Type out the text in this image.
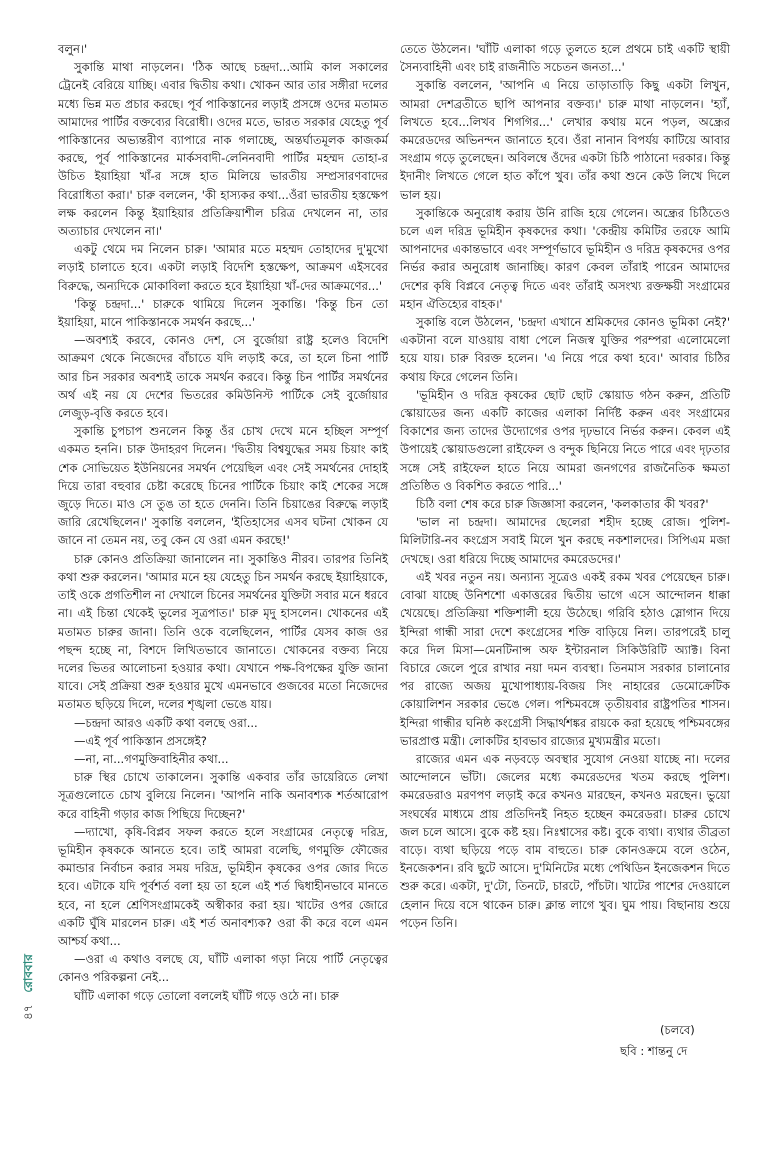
বলুন।'

সুকান্তি মাথা নাড়লেন। 'ঠিক আছে চন্দ্রদা...আমি কাল সকালের ট্রেনেই বেরিয়ে যাচ্ছি। এবার দ্বিতীয় কথা। খোকন আর তার সঙ্গীরা দলের মধ্যে ভিন্ন মত প্রচার করছে। পূর্ব পাকিস্তানের লড়াই প্রসঙ্গে ওদের মতামত আমাদের পার্টির বক্তব্যের বিরোধী। ওদের মতে, ভারত সরকার যেহেতু পূর্ব পাকিস্তানের অভ্যন্তরীণ ব্যাপারে নাক গলাচ্ছে, অন্তর্ঘাতমূলক কাজকর্ম করছে, পূর্ব পাকিস্তানের মার্কসবাদী-লেনিনবাদী পার্টির মহম্মদ তোহা-র উচিত ইয়াহিয়া খাঁ-র সঙ্গে হাত মিলিয়ে ভারতীয় সম্প্রসারণবাদের বিরোধিতা করা।' চারু বললেন, 'কী হাস্যকর কথা...ওঁরা ভারতীয় হস্তক্ষেপ লক্ষ করলেন কিন্তু ইয়াহিয়ার প্রতিক্রিয়াশীল চরিত্র দেখলেন না, তার অত্যাচার দেখলেন না।'

একটু থেমে দম নিলেন চারু। 'আমার মতে মহম্মদ তোহাদের দু'মুখো লড়াই চালাতে হবে। একটা লড়াই বিদেশি হস্তক্ষেপ, আক্রমণ এইসবের বিরুদ্ধে, অন্যদিকে মোকাবিলা করতে হবে ইয়াহিয়া খাঁ-দের আক্রমণের...'

'কিন্তু চন্দ্রদা...' চারুকে থামিয়ে দিলেন সুকান্তি। 'কিন্তু চিন তো ইয়াহিয়া, মানে পাকিস্তানকে সমর্থন করছে...'

—অবশ্যই করবে, কোনও দেশ, সে বুর্জোয়া রাষ্ট্র হলেও বিদেশি আক্রমণ থেকে নিজেদের বাঁচাতে যদি লড়াই করে, তা হলে চিনা পার্টি আর চিন সরকার অবশ্যই তাকে সমর্থন করবে। কিন্তু চিন পার্টির সমর্থনের অর্থ এই নয় যে দেশের ভিতরের কমিউনিস্ট পার্টিকে সেই বুর্জোয়ার লেজুড়-বৃত্তি করতে হবে।

সুকান্তি চুপচাপ শুনলেন কিন্তু ওঁর চোখ দেখে মনে হচ্ছিল সম্পূর্ণ একমত হননি। চারু উদাহরণ দিলেন। 'দ্বিতীয় বিশ্বযুদ্ধের সময় চিয়াং কাই শেক সোভিয়েত ইউনিয়নের সমর্থন পেয়েছিল এবং সেই সমর্থনের দোহাই দিয়ে তারা বহুবার চেষ্টা করেছে চিনের পার্টিকে চিয়াং কাই শেকের সঙ্গে জুড়ে দিতে। মাও সে তুঙ তা হতে দেননি। তিনি চিয়াঙের বিরুদ্ধে লড়াই জারি রেখেছিলেন।' সুকান্তি বললেন, 'ইতিহাসের এসব ঘটনা খোকন যে জানে না তেমন নয়, তবু কেন যে ওরা এমন করছে!'

চারু কোনও প্রতিক্রিয়া জানালেন না। সুকান্তিও নীরব। তারপর তিনিই কথা শুরু করলেন। 'আমার মনে হয় যেহেতু চিন সমর্থন করছে ইয়াহিয়াকে, তাই ওকে প্রগতিশীল না দেখালে চিনের সমর্থনের যুক্তিটা সবার মনে ধরবে না। এই চিন্তা থেকেই ভুলের সূত্রপাত।' চারু মৃদু হাসলেন। খোকনের এই মতামত চারুর জানা। তিনি ওকে বলেছিলেন, পার্টির যেসব কাজ ওর পছন্দ হচ্ছে না, বিশদে লিখিতভাবে জানাতে। খোকনের বক্তব্য নিয়ে দলের ভিতর আলোচনা হওয়ার কথা। যেখানে পক্ষ-বিপক্ষের যুক্তি জানা যাবে। সেই প্রক্রিয়া শুরু হওয়ার মুখে এমনভাবে গুজবের মতো নিজেদের মতামত ছড়িয়ে দিলে, দলের শৃঙ্খলা ভেঙে যায়।

—চন্দ্রদা আরও একটি কথা বলছে ওরা...

—এই পূর্ব পাকিস্তান প্রসঙ্গেই?

—না, না...গণমুক্তিবাহিনীর কথা...

চারু স্থির চোখে তাকালেন। সুকান্তি একবার তাঁর ডায়েরিতে লেখা সূত্রগুলোতে চোখ বুলিয়ে নিলেন। 'আপনি নাকি অনাবশ্যক শর্তআরোপ করে বাহিনী গড়ার কাজ পিছিয়ে দিচ্ছেন?'

—দ্যাখো, কৃষি-বিপ্লব সফল করতে হলে সংগ্রামের নেতৃত্বে দরিদ্র, ভূমিহীন কৃষককে আনতে হবে। তাই আমরা বলেছি, গণমুক্তি ফৌজের কমান্ডার নির্বাচন করার সময় দরিদ্র, ভূমিহীন কৃষকের ওপর জোর দিতে হবে। এটাকে যদি পূর্বশর্ত বলা হয় তা হলে এই শর্ত দ্বিধাহীনভাবে মানতে হবে, না হলে শ্রেণিসংগ্রামকেই অস্বীকার করা হয়। খাটের ওপর জোরে একটি ঘুঁষি মারলেন চারু। এই শর্ত অনাবশ্যক? ওরা কী করে বলে এমন আশ্চর্য কথা...

—ওরা এ কথাও বলছে যে, ঘাঁটি এলাকা গড়া নিয়ে পার্টি নেতৃত্বের কোনও পরিকল্পনা নেই...

ঘাঁটি এলাকা গড়ে তোলো বললেই ঘাঁটি গড়ে ওঠে না। চারু

তেতে উঠলেন। 'ঘাঁটি এলাকা গড়ে তুলতে হলে প্রথমে চাই একটি স্থায়ী সৈন্যবাহিনী এবং চাই রাজনীতি সচেতন জনতা...'

সুকান্তি বললেন, 'আপনি এ নিয়ে তাড়াতাড়ি কিছু একটা লিখুন, আমরা দেশব্রতীতে ছাপি আপনার বক্তব্য।' চারু মাথা নাড়লেন। 'হ্যাঁ, লিখতে হবে...লিখব শিগগির...' লেখার কথায় মনে পড়ল, অন্ধ্রের কমরেডদের অভিনন্দন জানাতে হবে। ওঁরা নানান বিপর্যয় কাটিয়ে আবার সংগ্রাম গড়ে তুলেছেন। অবিলম্বে ওঁদের একটা চিঠি পাঠানো দরকার। কিন্তু ইদানীং লিখতে গেলে হাত কাঁপে খুব। তাঁর কথা শুনে কেউ লিখে দিলে ভাল হয়।

সুকান্তিকে অনুরোধ করায় উনি রাজি হয়ে গেলেন। অন্ধ্রের চিঠিতেও চলে এল দরিদ্র ভূমিহীন কৃষকদের কথা। 'কেন্দ্রীয় কমিটির তরফে আমি আপনাদের একান্তভাবে এবং সম্পূর্ণভাবে ভূমিহীন ও দরিদ্র কৃষকদের ওপর নির্ভর করার অনুরোধ জানাচ্ছি। কারণ কেবল তাঁরাই পারেন আমাদের দেশের কৃষি বিপ্লবে নেতৃত্ব দিতে এবং তাঁরাই অসংখ্য রক্তক্ষয়ী সংগ্রামের মহান ঐতিহ্যের বাহক।'

সুকান্তি বলে উঠলেন, 'চন্দ্রদা এখানে শ্রমিকদের কোনও ভূমিকা নেই?' একটানা বলে যাওয়ায় বাধা পেলে নিজস্ব যুক্তির পরম্পরা এলোমেলো হয়ে যায়। চারু বিরক্ত হলেন। 'এ নিয়ে পরে কথা হবে।' আবার চিঠির কথায় ফিরে গেলেন তিনি।

'ভূমিহীন ও দরিদ্র কৃষকের ছোট ছোট স্কোয়াড গঠন করুন, প্রতিটি স্কোয়াডের জন্য একটি কাজের এলাকা নির্দিষ্ট করুন এবং সংগ্রামের বিকাশের জন্য তাদের উদ্যোগের ওপর দৃঢ়ভাবে নির্ভর করুন। কেবল এই উপায়েই স্কোয়াডগুলো রাইফেল ও বন্দুক ছিনিয়ে নিতে পারে এবং দৃঢ়তার সঙ্গে সেই রাইফেল হাতে নিয়ে আমরা জনগণের রাজনৈতিক ক্ষমতা প্রতিষ্ঠিত ও বিকশিত করতে পারি...'

চিঠি বলা শেষ করে চারু জিজ্ঞাসা করলেন, 'কলকাতার কী খবর?'

'ভাল না চন্দ্রদা। আমাদের ছেলেরা শহীদ হচ্ছে রোজ। পুলিশ-মিলিটারি-নব কংগ্রেস সবাই মিলে খুন করছে নকশালদের। সিপিএম মজা দেখছে। ওরা ধরিয়ে দিচ্ছে আমাদের কমরেডদের।'

এই খবর নতুন নয়। অন্যান্য সূত্রেও একই রকম খবর পেয়েছেন চারু। বোঝা যাচ্ছে উনিশশো একাত্তরের দ্বিতীয় ভাগে এসে আন্দোলন ধাক্কা খেয়েছে। প্রতিক্রিয়া শক্তিশালী হয়ে উঠেছে। গরিবি হঠাও স্লোগান দিয়ে ইন্দিরা গান্ধী সারা দেশে কংগ্রেসের শক্তি বাড়িয়ে নিল। তারপরেই চালু করে দিল মিসা—মেনটিনান্স অফ ইন্টারনাল সিকিউরিটি অ্যাক্ট। বিনা বিচারে জেলে পুরে রাখার নয়া দমন ব্যবস্থা। তিনমাস সরকার চালানোর পর রাজ্যে অজয় মুখোপাধ্যায়-বিজয় সিং নাহারের ডেমোক্রেটিক কোয়ালিশন সরকার ভেঙে গেল। পশ্চিমবঙ্গে তৃতীয়বার রাষ্ট্রপতির শাসন। ইন্দিরা গান্ধীর ঘনিষ্ঠ কংগ্রেসী সিদ্ধার্থশঙ্কর রায়কে করা হয়েছে পশ্চিমবঙ্গের ভারপ্রাপ্ত মন্ত্রী। লোকটির হাবভাব রাজ্যের মুখ্যমন্ত্রীর মতো।

রাজ্যের এমন এক নড়বড়ে অবস্থার সুযোগ নেওয়া যাচ্ছে না। দলের আন্দোলনে ভাঁটা। জেলের মধ্যে কমরেডদের খতম করছে পুলিশ। কমরেডরাও মরণপণ লড়াই করে কখনও মারছেন, কখনও মরছেন। ভুয়ো সংঘর্ষের মাধ্যমে প্রায় প্রতিদিনই নিহত হচ্ছেন কমরেডরা। চারুর চোখে জল চলে আসে। বুকে কষ্ট হয়। নিঃশ্বাসের কষ্ট। বুকে ব্যথা। ব্যথার তীব্রতা বাড়ে। ব্যথা ছড়িয়ে পড়ে বাম বাহুতে। চারু কোনওক্রমে বলে ওঠেন, ইনজেকশন। রবি ছুটে আসে। দু'মিনিটের মধ্যে পেথিডিন ইনজেকশন দিতে শুরু করে। একটা, দু'টো, তিনটে, চারটে, পাঁচটা। খাটের পাশের দেওয়ালে হেলান দিয়ে বসে থাকেন চারু। ক্লান্ত লাগে খুব। ঘুম পায়। বিছানায় শুয়ে পড়েন তিনি।

৪৭ রোববার
(চলবে)
ছবি : শান্তনু দে
